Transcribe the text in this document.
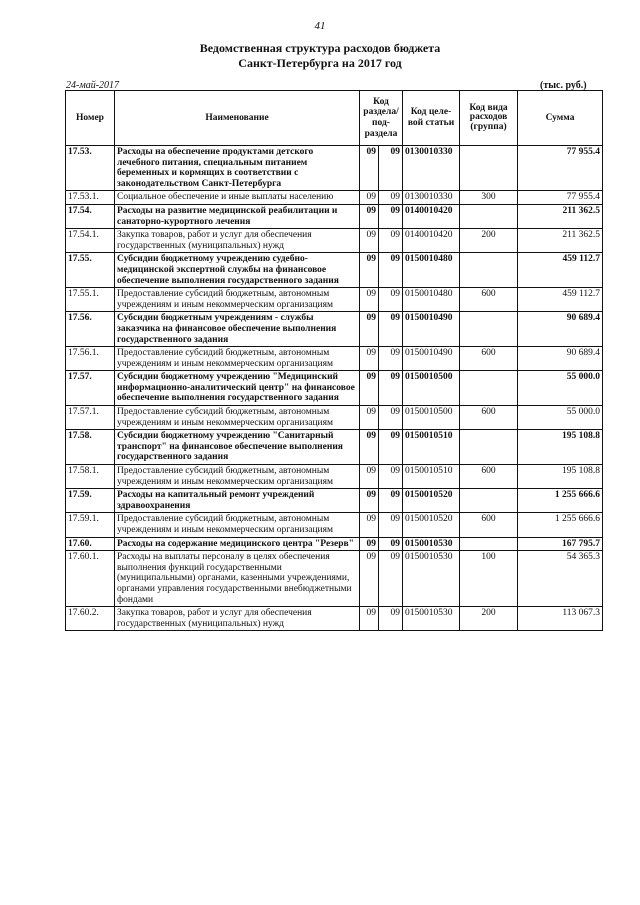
41
Ведомственная структура расходов бюджета
Санкт-Петербурга на 2017 год
24-май-2017	(тыс. руб.)
Номер	Наименование	Код раздела/ под- раздела		Код целе- вой статьи	Код вида расходов (группа)	Сумма
17.53.	Расходы на обеспечение продуктами детского лечебного питания, специальным питанием беременных и кормящих в соответствии с законодательством Санкт-Петербурга	09	09	0130010330		77 955.4
17.53.1.	Социальное обеспечение и иные выплаты населению	09	09	0130010330	300	77 955.4
17.54.	Расходы на развитие медицинской реабилитации и санаторно-курортного лечения	09	09	0140010420		211 362.5
17.54.1.	Закупка товаров, работ и услуг для обеспечения государственных (муниципальных) нужд	09	09	0140010420	200	211 362.5
17.55.	Субсидии бюджетному учреждению судебно-медицинской экспертной службы на финансовое обеспечение выполнения государственного задания	09	09	0150010480		459 112.7
17.55.1.	Предоставление субсидий бюджетным, автономным учреждениям и иным некоммерческим организациям	09	09	0150010480	600	459 112.7
17.56.	Субсидии бюджетным учреждениям - службы заказчика на финансовое обеспечение выполнения государственного задания	09	09	0150010490		90 689.4
17.56.1.	Предоставление субсидий бюджетным, автономным учреждениям и иным некоммерческим организациям	09	09	0150010490	600	90 689.4
17.57.	Субсидии бюджетному учреждению "Медицинский информационно-аналитический центр" на финансовое обеспечение выполнения государственного задания	09	09	0150010500		55 000.0
17.57.1.	Предоставление субсидий бюджетным, автономным учреждениям и иным некоммерческим организациям	09	09	0150010500	600	55 000.0
17.58.	Субсидии бюджетному учреждению "Санитарный транспорт" на финансовое обеспечение выполнения государственного задания	09	09	0150010510		195 108.8
17.58.1.	Предоставление субсидий бюджетным, автономным учреждениям и иным некоммерческим организациям	09	09	0150010510	600	195 108.8
17.59.	Расходы на капитальный ремонт учреждений здравоохранения	09	09	0150010520		1 255 666.6
17.59.1.	Предоставление субсидий бюджетным, автономным учреждениям и иным некоммерческим организациям	09	09	0150010520	600	1 255 666.6
17.60.	Расходы на содержание медицинского центра "Резерв"	09	09	0150010530		167 795.7
17.60.1.	Расходы на выплаты персоналу в целях обеспечения выполнения функций государственными (муниципальными) органами, казенными учреждениями, органами управления государственными внебюджетными фондами	09	09	0150010530	100	54 365.3
17.60.2.	Закупка товаров, работ и услуг для обеспечения государственных (муниципальных) нужд	09	09	0150010530	200	113 067.3
